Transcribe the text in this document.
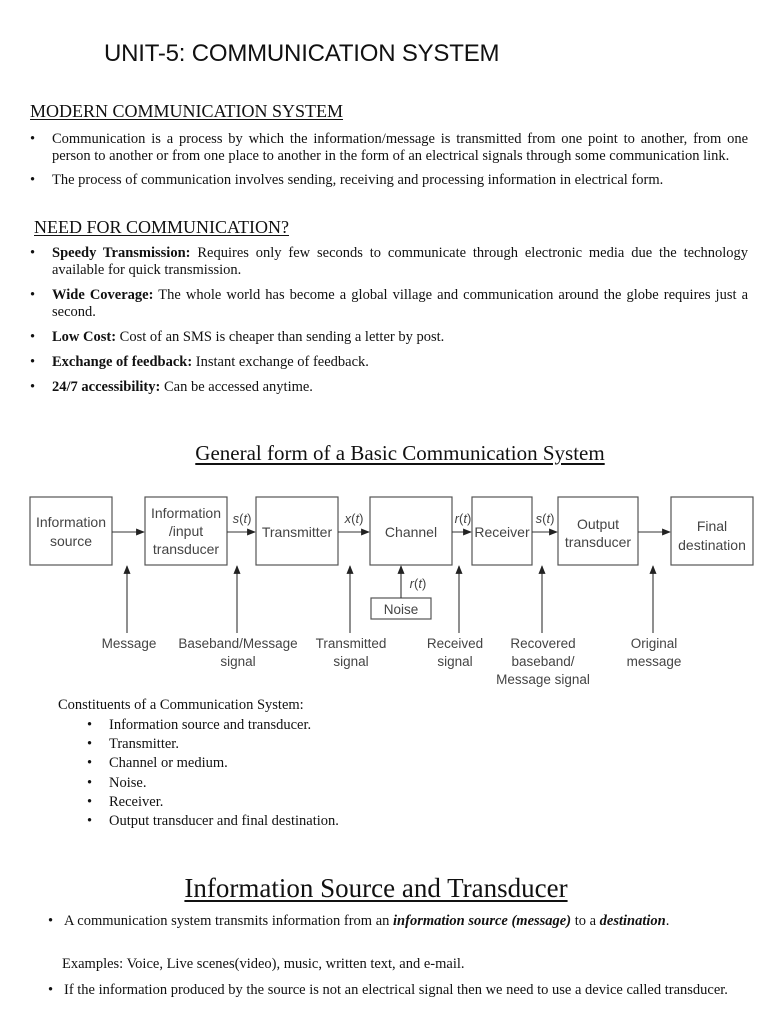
UNIT-5: COMMUNICATION SYSTEM
MODERN COMMUNICATION SYSTEM
• Communication is a process by which the information/message is transmitted from one point to another, from one person to another or from one place to another in the form of an electrical signals through some communication link.
• The process of communication involves sending, receiving and processing information in electrical form.
NEED FOR COMMUNICATION?
• Speedy Transmission: Requires only few seconds to communicate through electronic media due the technology available for quick transmission.
• Wide Coverage: The whole world has become a global village and communication around the globe requires just a second.
• Low Cost: Cost of an SMS is cheaper than sending a letter by post.
• Exchange of feedback: Instant exchange of feedback.
• 24/7 accessibility: Can be accessed anytime.
General form of a Basic Communication System
Information source
Information /input transducer
Transmitter	Channel	Receiver	Output transducer
Final destination
Noise
s(t)	x(t)	r(t)	s(t)
r(t)
Message Baseband/Message signal
Transmitted signal
Received signal
Recovered baseband/ Message signal
Original message
Constituents of a Communication System:
• Information source and transducer.
• Transmitter.
• Channel or medium.
• Noise.
• Receiver.
• Output transducer and final destination.
Information Source and Transducer
• A communication system transmits information from an information source (message) to a destination.
Examples: Voice, Live scenes(video), music, written text, and e-mail.
• If the information produced by the source is not an electrical signal then we need to use a device called transducer.
